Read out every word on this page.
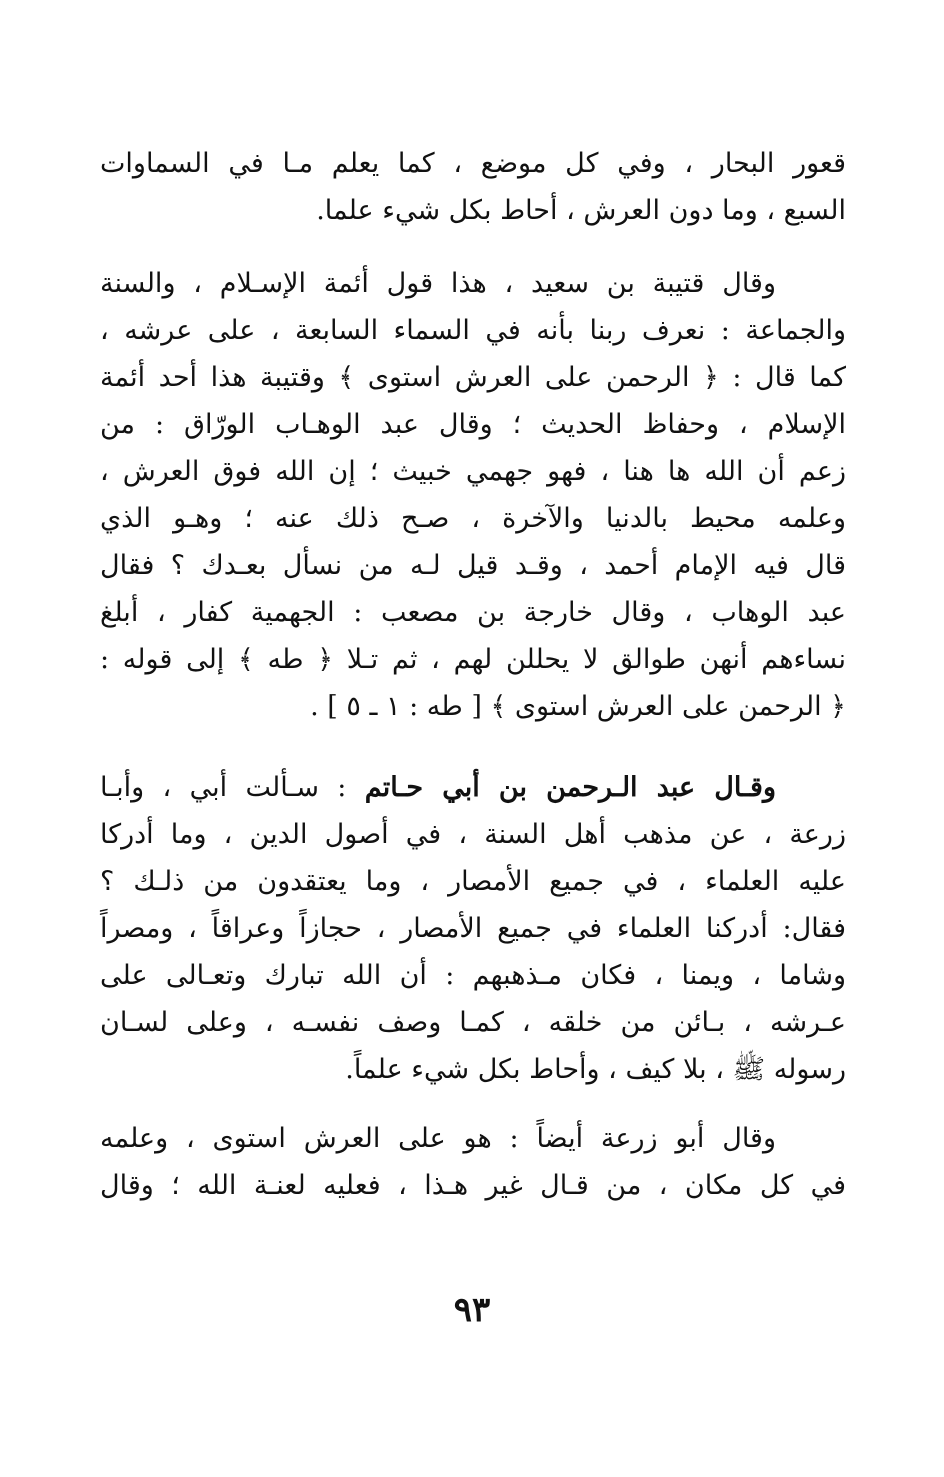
قعور البحار ، وفي كل موضع ، كما يعلم مـا في السماوات
السبع ، وما دون العرش ، أحاط بكل شيء علما.

وقال قتيبة بن سعيد ، هذا قول أئمة الإسـلام ، والسنة
والجماعة : نعرف ربنا بأنه في السماء السابعة ، على عرشه ،
كما قال : ﴿ الرحمن على العرش استوى ﴾ وقتيبة هذا أحد أئمة
الإسلام ، وحفاظ الحديث ؛ وقال عبد الوهـاب الورّاق : من
زعم أن الله ها هنا ، فهو جهمي خبيث ؛ إن الله فوق العرش ،
وعلمه محيط بالدنيا والآخرة ، صـح ذلك عنه ؛ وهـو الذي
قال فيه الإمام أحمد ، وقـد قيل لـه من نسأل بعـدك ؟ فقال
عبد الوهاب ، وقال خارجة بن مصعب : الجهمية كفار ، أبلغ
نساءهم أنهن طوالق لا يحللن لهم ، ثم تـلا ﴿ طه ﴾ إلى قوله :
﴿ الرحمن على العرش استوى ﴾ [ طه : ١ ـ ٥ ] .

وقـال عبد الـرحمن بن أبي حـاتم : سـألت أبي ، وأبـا
زرعة ، عن مذهب أهل السنة ، في أصول الدين ، وما أدركا
عليه العلماء ، في جميع الأمصار ، وما يعتقدون من ذلـك ؟
فقال: أدركنا العلماء في جميع الأمصار ، حجازاً وعراقاً ، ومصراً
وشاما ، ويمنا ، فكان مـذهبهم : أن الله تبارك وتعـالى على
عـرشه ، بـائن من خلقه ، كمـا وصف نفسـه ، وعلى لسـان
رسوله ﷺ ، بلا كيف ، وأحاط بكل شيء علماً.

وقال أبو زرعة أيضاً : هو على العرش استوى ، وعلمه
في كل مكان ، من قـال غير هـذا ، فعليه لعنـة الله ؛ وقال

٩٣
